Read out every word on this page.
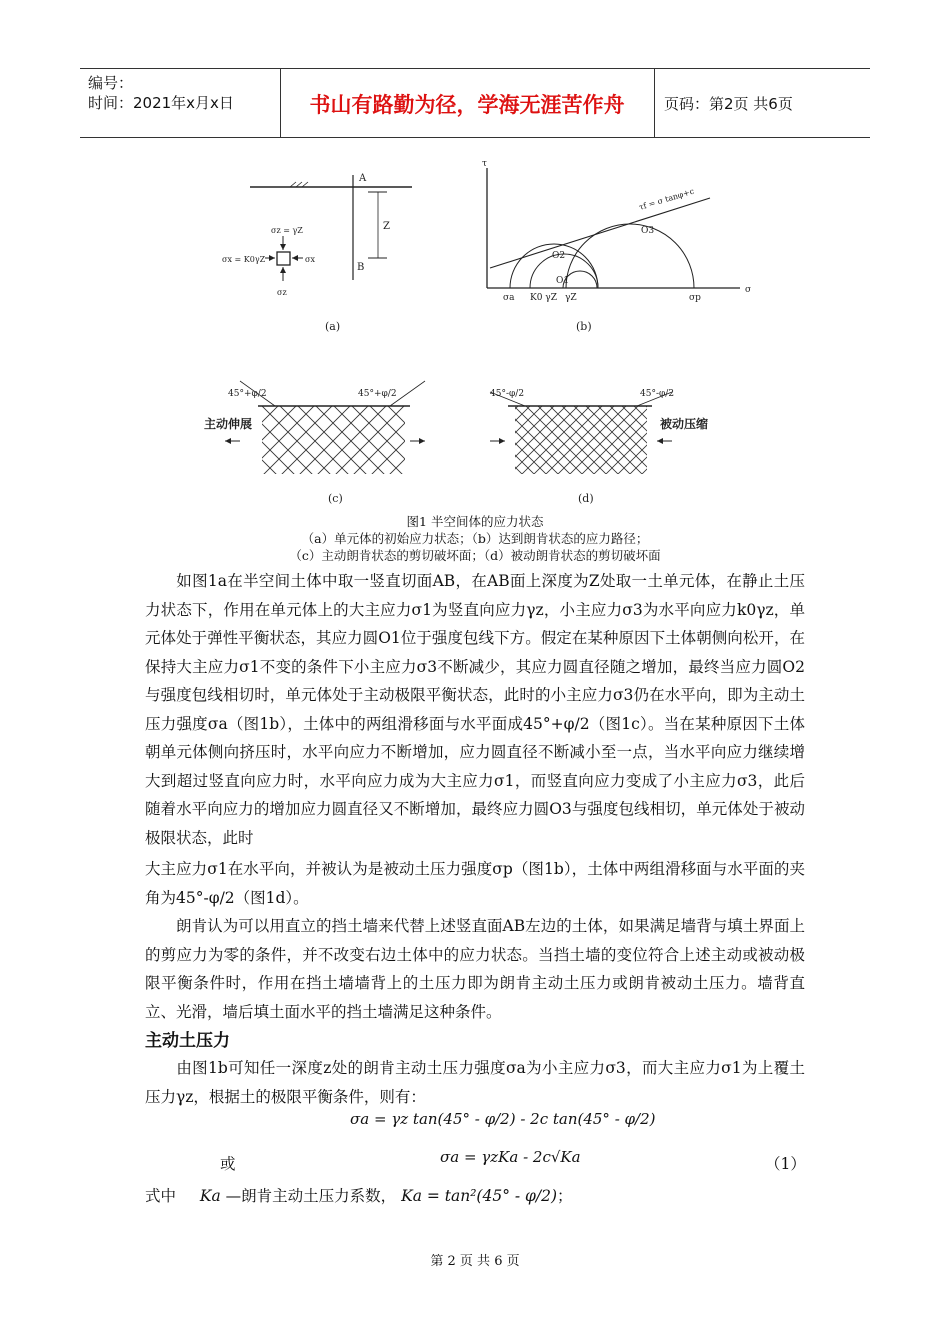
编号：
时间：2021年x月x日	书山有路勤为径，学海无涯苦作舟	页码：第2页 共6页
A
Z
B
σz = γZ
σx = K0γZ	σx
σz
(a)
τ
σ
τf = σ tanφ+c
O2
O1
O3
σa K0 γZ γZ	σp
(b)
45°+φ/2	45°+φ/2
主动伸展
(c)
45°-φ/2	45°-φ/2
被动压缩
(d)
图1 半空间体的应力状态
（a）单元体的初始应力状态；（b）达到朗肯状态的应力路径；
（c）主动朗肯状态的剪切破坏面；（d）被动朗肯状态的剪切破坏面
如图1a在半空间土体中取一竖直切面AB，在AB面上深度为Z处取一土单元体，在静止土压力状态下，作用在单元体上的大主应力σ1为竖直向应力γz，小主应力σ3为水平向应力k0γz，单元体处于弹性平衡状态，其应力圆O1位于强度包线下方。假定在某种原因下土体朝侧向松开，在保持大主应力σ1不变的条件下小主应力σ3不断减少，其应力圆直径随之增加，最终当应力圆O2与强度包线相切时，单元体处于主动极限平衡状态，此时的小主应力σ3仍在水平向，即为主动土压力强度σa（图1b），土体中的两组滑移面与水平面成45°+φ/2（图1c）。当在某种原因下土体朝单元体侧向挤压时，水平向应力不断增加，应力圆直径不断减小至一点，当水平向应力继续增大到超过竖直向应力时，水平向应力成为大主应力σ1，而竖直向应力变成了小主应力σ3，此后随着水平向应力的增加应力圆直径又不断增加，最终应力圆O3与强度包线相切，单元体处于被动极限状态，此时
大主应力σ1在水平向，并被认为是被动土压力强度σp（图1b），土体中两组滑移面与水平面的夹角为45°-φ/2（图1d）。
朗肯认为可以用直立的挡土墙来代替上述竖直面AB左边的土体，如果满足墙背与填土界面上的剪应力为零的条件，并不改变右边土体中的应力状态。当挡土墙的变位符合上述主动或被动极限平衡条件时，作用在挡土墙墙背上的土压力即为朗肯主动土压力或朗肯被动土压力。墙背直立、光滑，墙后填土面水平的挡土墙满足这种条件。
主动土压力
由图1b可知任一深度z处的朗肯主动土压力强度σa为小主应力σ3，而大主应力σ1为上覆土压力γz，根据土的极限平衡条件，则有：
σa = γz tan(45° - φ/2) - 2c tan(45° - φ/2)
或	σa = γzKa - 2c√Ka	（1）
式中 Ka —朗肯主动土压力系数， Ka = tan²(45° - φ/2)；
第 2 页 共 6 页
